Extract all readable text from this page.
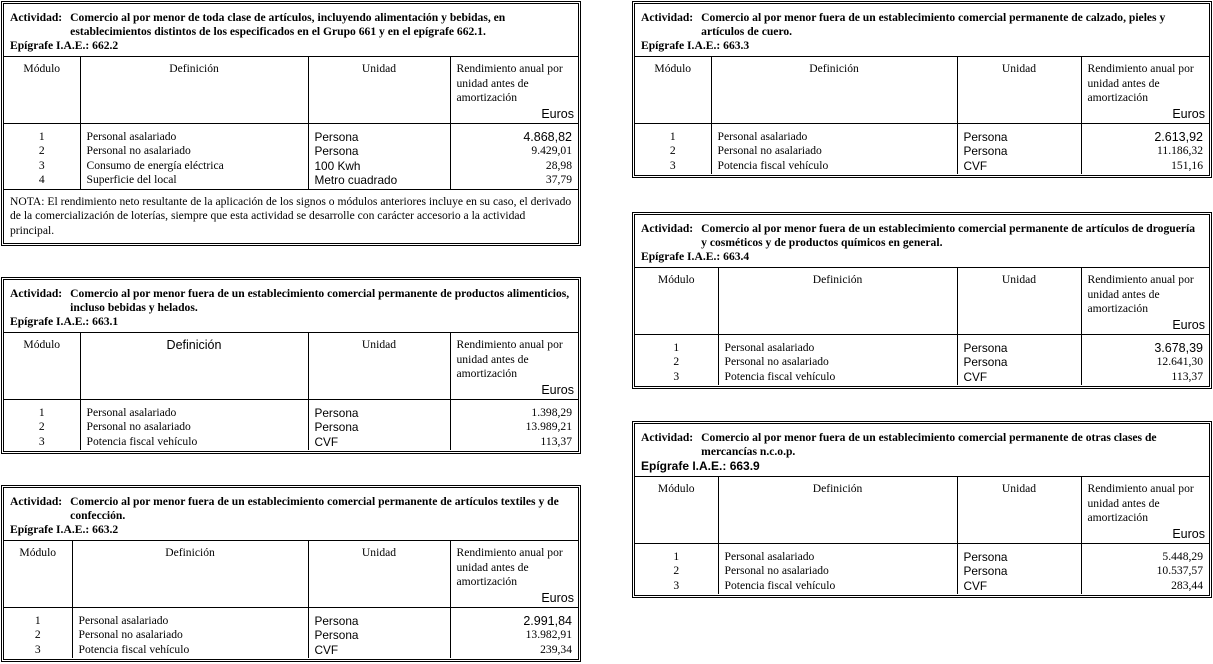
Actividad: Comercio al por menor de toda clase de artículos, incluyendo alimentación y bebidas, en establecimientos distintos de los especificados en el Grupo 661 y en el epígrafe 662.1.
Epígrafe I.A.E.: 662.2
Módulo	Definición	Unidad	Rendimiento anual por unidad antes de amortización
Euros

1	Personal asalariado	Persona	4.868,82
2	Personal no asalariado	Persona	9.429,01
3	Consumo de energía eléctrica	100 Kwh	28,98
4	Superficie del local	Metro cuadrado	37,79
NOTA: El rendimiento neto resultante de la aplicación de los signos o módulos anteriores incluye en su caso, el derivado de la comercialización de loterías, siempre que esta actividad se desarrolle con carácter accesorio a la actividad principal.
Actividad: Comercio al por menor fuera de un establecimiento comercial permanente de productos alimenticios, incluso bebidas y helados.
Epígrafe I.A.E.: 663.1
Módulo	Definición	Unidad	Rendimiento anual por unidad antes de amortización
Euros

1	Personal asalariado	Persona	1.398,29
2	Personal no asalariado	Persona	13.989,21
3	Potencia fiscal vehículo	CVF	113,37
Actividad: Comercio al por menor fuera de un establecimiento comercial permanente de artículos textiles y de confección.
Epígrafe I.A.E.: 663.2
Módulo	Definición	Unidad	Rendimiento anual por unidad antes de amortización
Euros

1	Personal asalariado	Persona	2.991,84
2	Personal no asalariado	Persona	13.982,91
3	Potencia fiscal vehículo	CVF	239,34
Actividad: Comercio al por menor fuera de un establecimiento comercial permanente de calzado, pieles y artículos de cuero.
Epígrafe I.A.E.: 663.3
Módulo	Definición	Unidad	Rendimiento anual por unidad antes de amortización
Euros

1	Personal asalariado	Persona	2.613,92
2	Personal no asalariado	Persona	11.186,32
3	Potencia fiscal vehículo	CVF	151,16
Actividad: Comercio al por menor fuera de un establecimiento comercial permanente de artículos de droguería y cosméticos y de productos químicos en general.
Epígrafe I.A.E.: 663.4
Módulo	Definición	Unidad	Rendimiento anual por unidad antes de amortización
Euros

1	Personal asalariado	Persona	3.678,39
2	Personal no asalariado	Persona	12.641,30
3	Potencia fiscal vehículo	CVF	113,37
Actividad: Comercio al por menor fuera de un establecimiento comercial permanente de otras clases de mercancías n.c.o.p.
Epígrafe I.A.E.: 663.9
Módulo	Definición	Unidad	Rendimiento anual por unidad antes de amortización
Euros

1	Personal asalariado	Persona	5.448,29
2	Personal no asalariado	Persona	10.537,57
3	Potencia fiscal vehículo	CVF	283,44
